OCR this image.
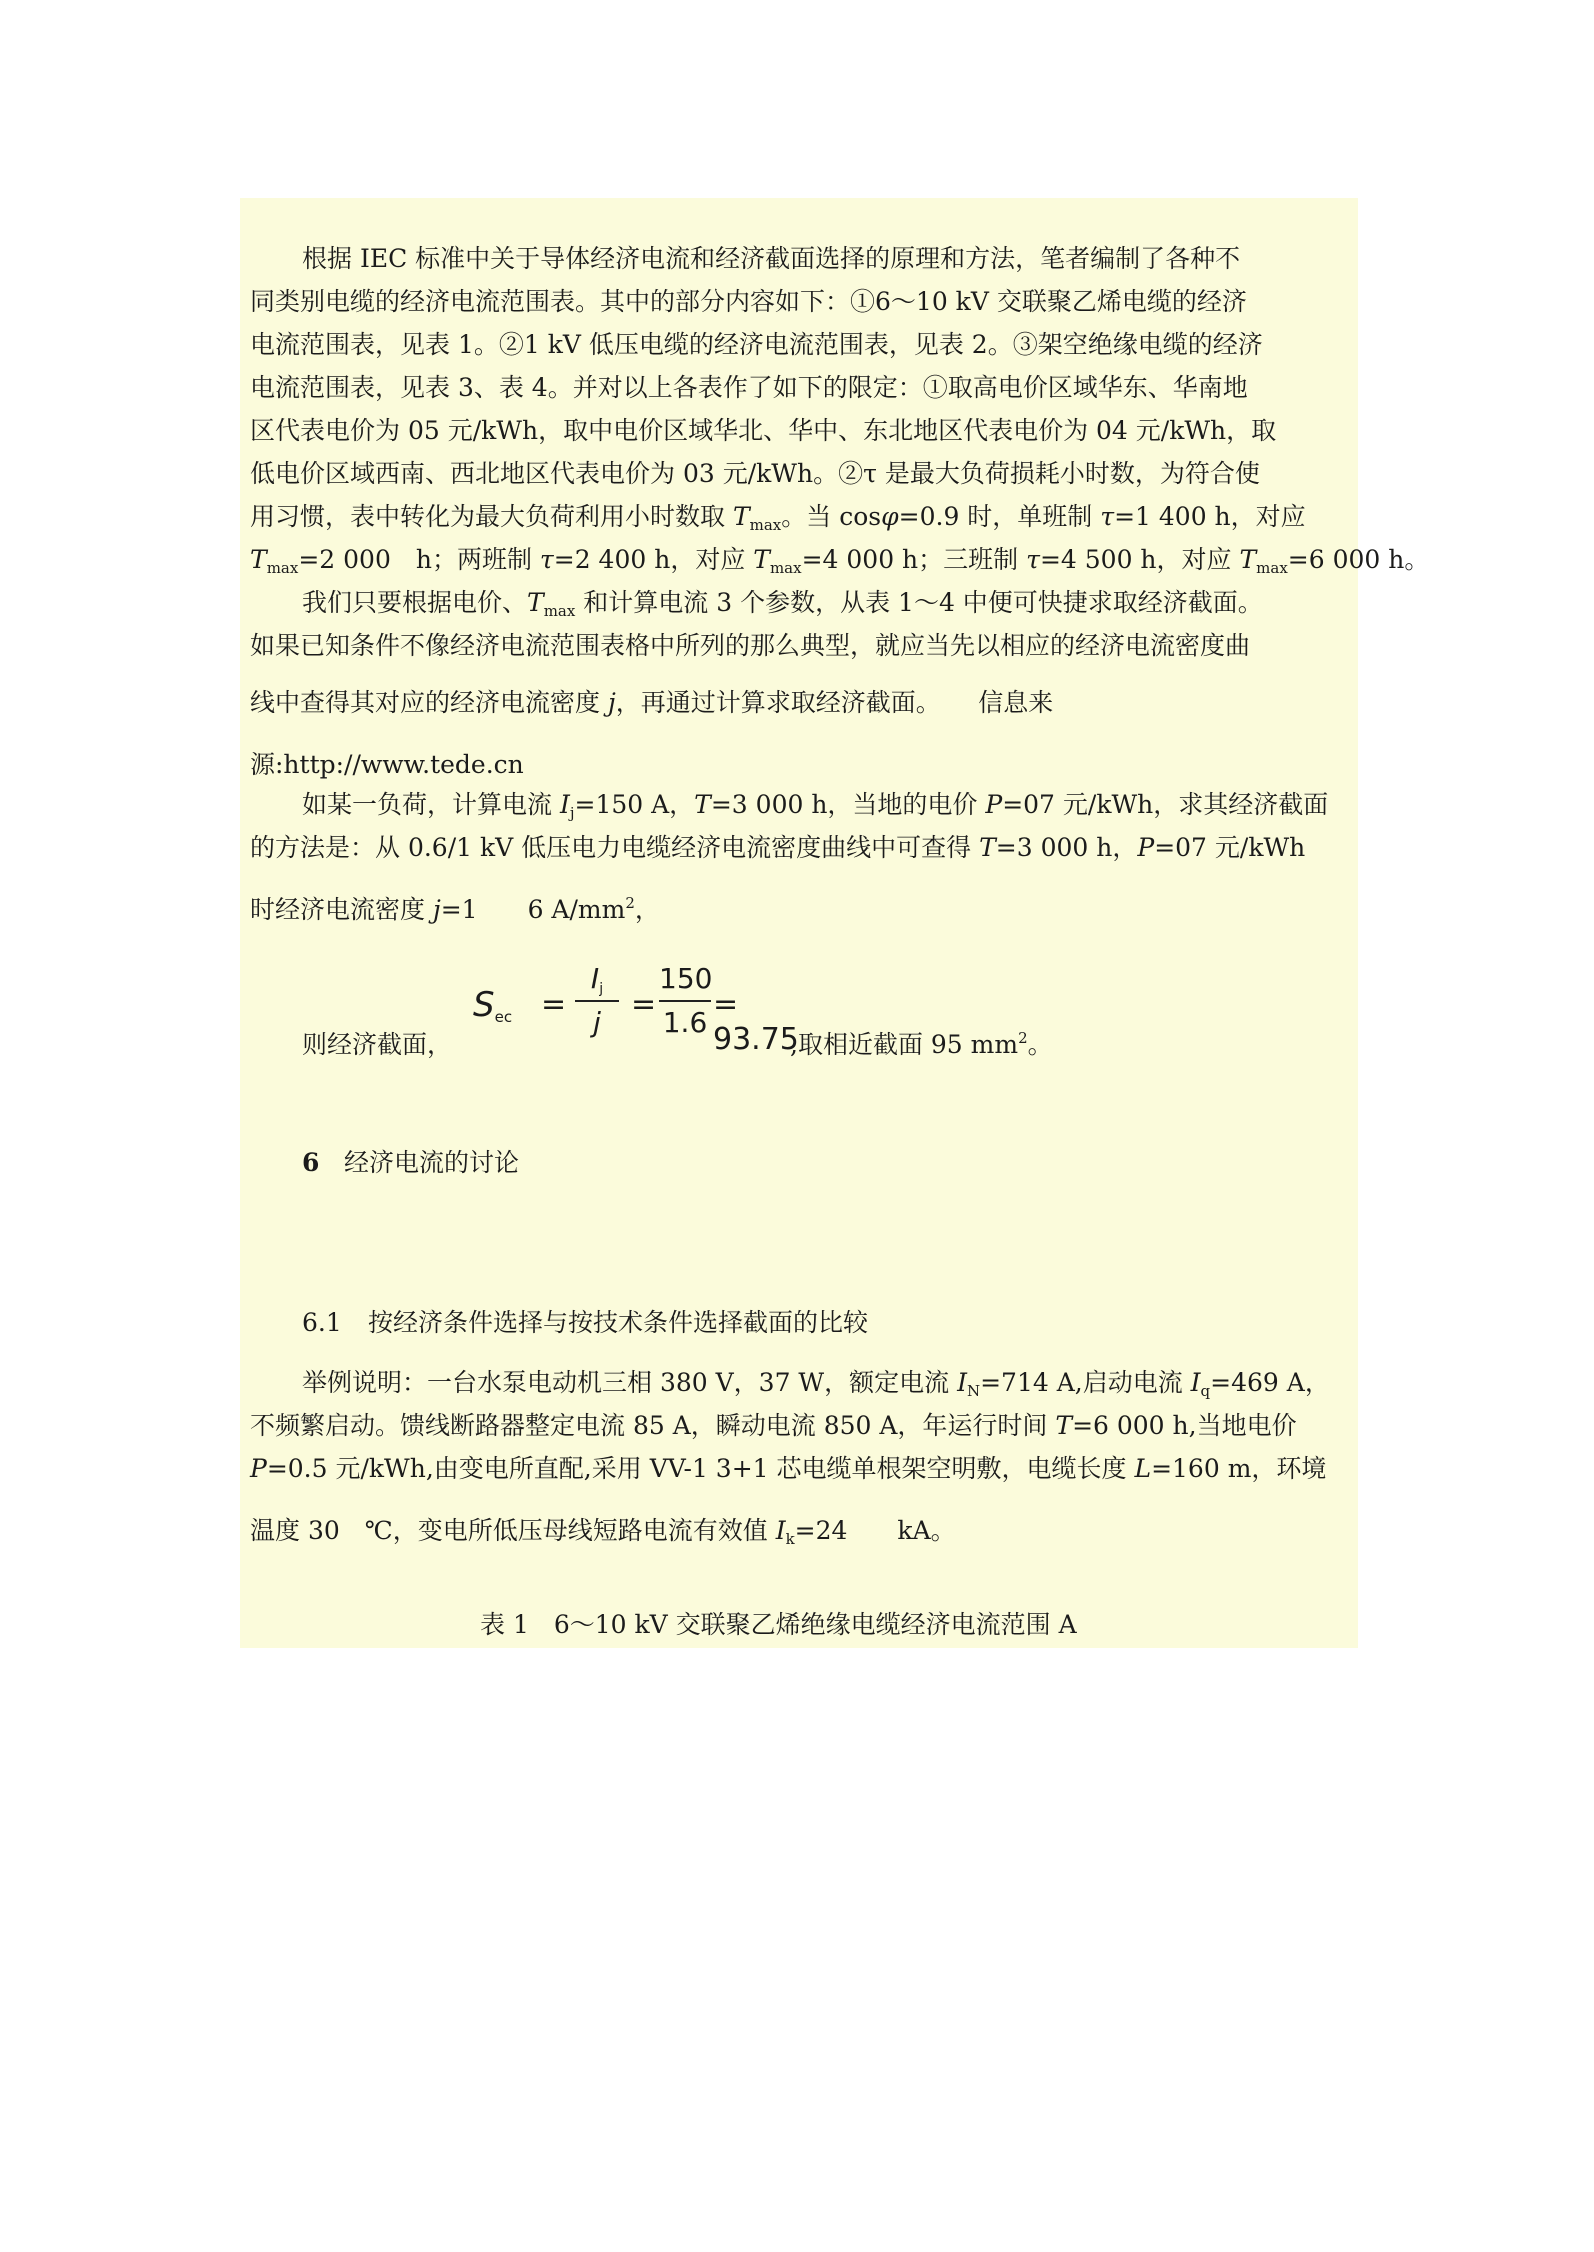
根据 IEC 标准中关于导体经济电流和经济截面选择的原理和方法，笔者编制了各种不
同类别电缆的经济电流范围表。其中的部分内容如下：①6～10 kV 交联聚乙烯电缆的经济
电流范围表，见表 1。②1 kV 低压电缆的经济电流范围表，见表 2。③架空绝缘电缆的经济
电流范围表，见表 3、表 4。并对以上各表作了如下的限定：①取高电价区域华东、华南地
区代表电价为 05 元/kWh，取中电价区域华北、华中、东北地区代表电价为 04 元/kWh，取
低电价区域西南、西北地区代表电价为 03 元/kWh。②τ 是最大负荷损耗小时数，为符合使
用习惯，表中转化为最大负荷利用小时数取 $T_{max}$。当 cosφ=0.9 时，单班制 τ=1 400 h，对应
$T_{max}=2$ 000　h；两班制 τ=2 400 h，对应 $T_{max}=4$ 000 h；三班制 τ=4 500 h，对应 $T_{max}=6$ 000 h。
我们只要根据电价、$T_{max}$ 和计算电流 3 个参数，从表 1～4 中便可快捷求取经济截面。
如果已知条件不像经济电流范围表格中所列的那么典型，就应当先以相应的经济电流密度曲
线中查得其对应的经济电流密度 j，再通过计算求取经济截面。　　信息来
源:http://www.tede.cn
如某一负荷，计算电流 $I_j=150$ A，T=3 000 h，当地的电价 P=07 元/kWh，求其经济截面
的方法是：从 0.6/1 kV 低压电力电缆经济电流密度曲线中可查得 T=3 000 h，P=07 元/kWh
时经济电流密度 j=1　　6 $A/mm^2$，
则经济截面，
$S_{ec}$ =
$I_j$
j
=
150
1.6
= 93.75
,取相近截面 95 $mm^2$。
6 经济电流的讨论
6.1 按经济条件选择与按技术条件选择截面的比较
举例说明：一台水泵电动机三相 380 V，37 W，额定电流 $I_N=714$ A,启动电流 $I_q=469$ A，
不频繁启动。馈线断路器整定电流 85 A，瞬动电流 850 A，年运行时间 T=6 000 h,当地电价
P=0.5 元/kWh,由变电所直配,采用 VV-1 3+1 芯电缆单根架空明敷，电缆长度 L=160 m，环境
温度 30　℃，变电所低压母线短路电流有效值 $I_k=24$　　kA。
表 1　6～10 kV 交联聚乙烯绝缘电缆经济电流范围 A
